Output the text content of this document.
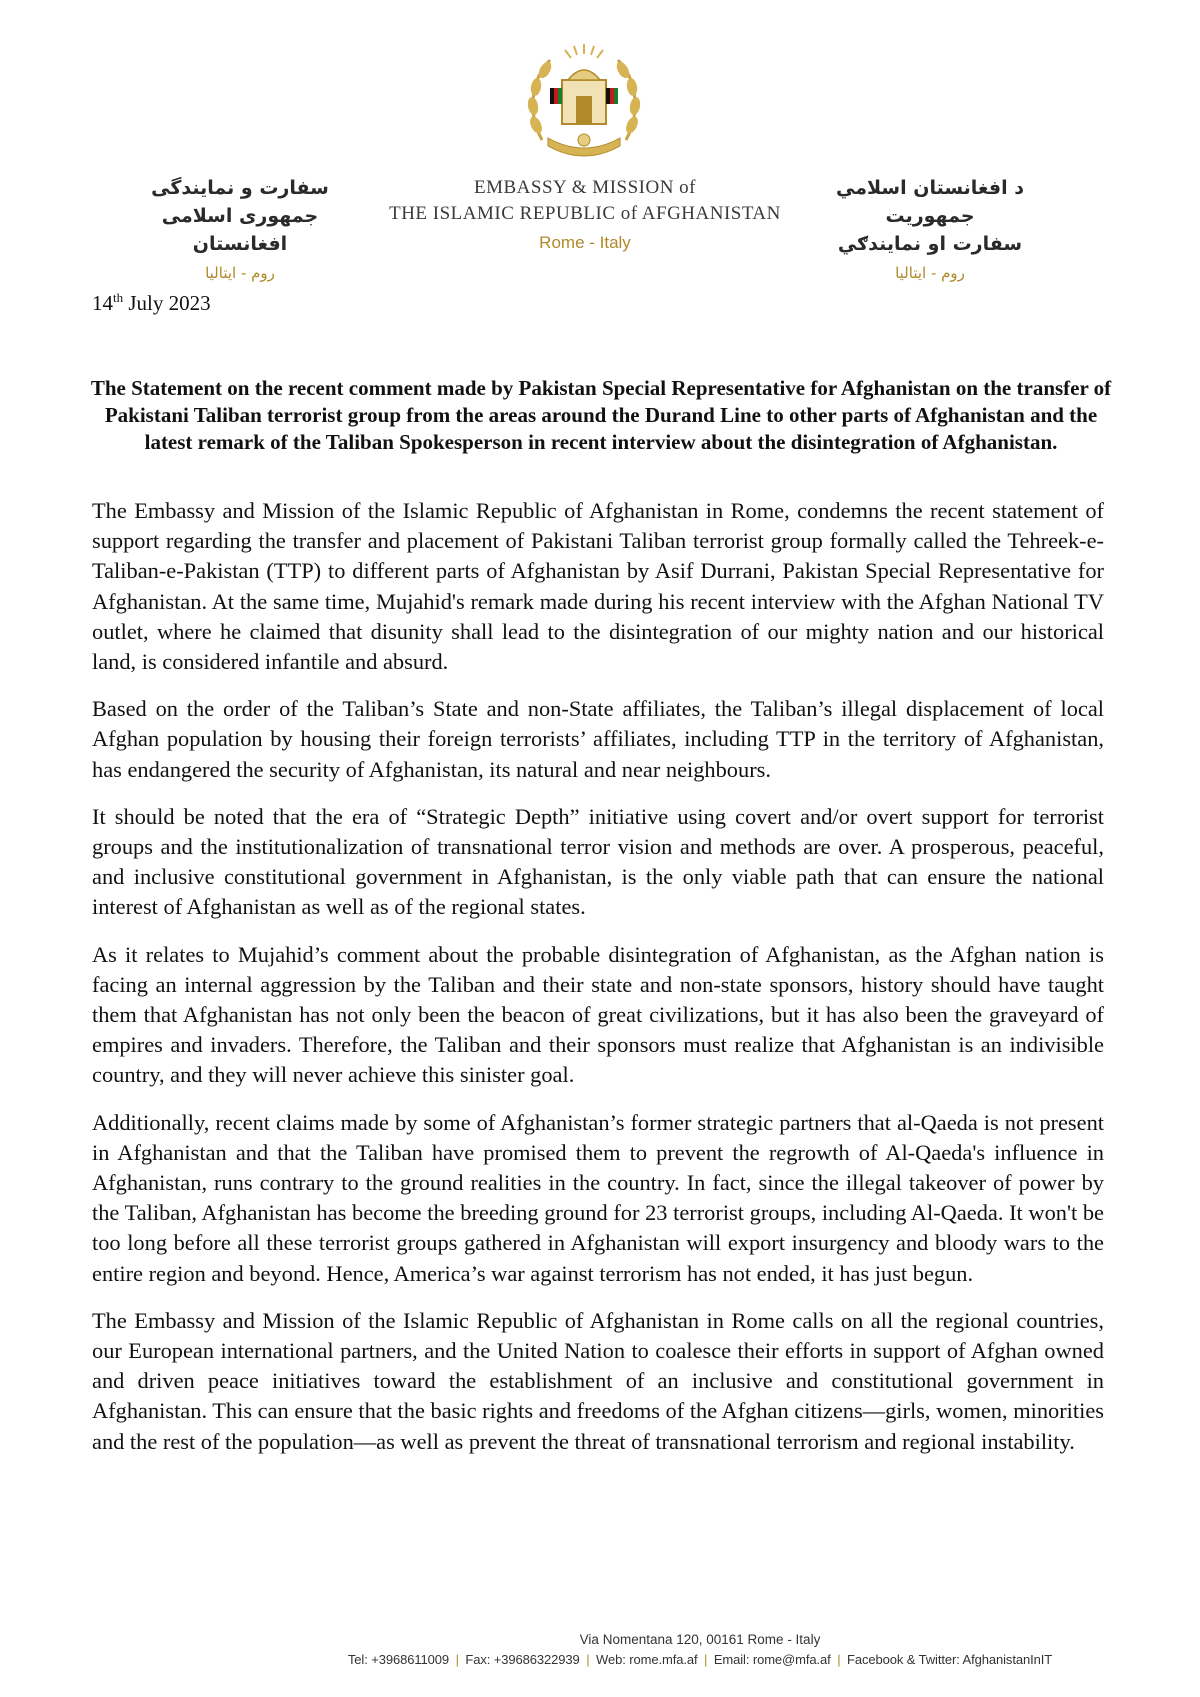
سفارت و نمایندگی
جمهوری اسلامی افغانستان
روم - ایتالیا
EMBASSY & MISSION of
THE ISLAMIC REPUBLIC of AFGHANISTAN
Rome - Italy
د افغانستان اسلامي جمهوریت
سفارت او نمایندګي
روم - ایتالیا
14th July 2023
The Statement on the recent comment made by Pakistan Special Representative for Afghanistan on the transfer of Pakistani Taliban terrorist group from the areas around the Durand Line to other parts of Afghanistan and the latest remark of the Taliban Spokesperson in recent interview about the disintegration of Afghanistan.

The Embassy and Mission of the Islamic Republic of Afghanistan in Rome, condemns the recent statement of support regarding the transfer and placement of Pakistani Taliban terrorist group formally called the Tehreek-e-Taliban-e-Pakistan (TTP) to different parts of Afghanistan by Asif Durrani, Pakistan Special Representative for Afghanistan. At the same time, Mujahid's remark made during his recent interview with the Afghan National TV outlet, where he claimed that disunity shall lead to the disintegration of our mighty nation and our historical land, is considered infantile and absurd.

Based on the order of the Taliban’s State and non-State affiliates, the Taliban’s illegal displacement of local Afghan population by housing their foreign terrorists’ affiliates, including TTP in the territory of Afghanistan, has endangered the security of Afghanistan, its natural and near neighbours.

It should be noted that the era of “Strategic Depth” initiative using covert and/or overt support for terrorist groups and the institutionalization of transnational terror vision and methods are over. A prosperous, peaceful, and inclusive constitutional government in Afghanistan, is the only viable path that can ensure the national interest of Afghanistan as well as of the regional states.

As it relates to Mujahid’s comment about the probable disintegration of Afghanistan, as the Afghan nation is facing an internal aggression by the Taliban and their state and non-state sponsors, history should have taught them that Afghanistan has not only been the beacon of great civilizations, but it has also been the graveyard of empires and invaders. Therefore, the Taliban and their sponsors must realize that Afghanistan is an indivisible country, and they will never achieve this sinister goal.

Additionally, recent claims made by some of Afghanistan’s former strategic partners that al-Qaeda is not present in Afghanistan and that the Taliban have promised them to prevent the regrowth of Al-Qaeda's influence in Afghanistan, runs contrary to the ground realities in the country. In fact, since the illegal takeover of power by the Taliban, Afghanistan has become the breeding ground for 23 terrorist groups, including Al-Qaeda. It won't be too long before all these terrorist groups gathered in Afghanistan will export insurgency and bloody wars to the entire region and beyond. Hence, America’s war against terrorism has not ended, it has just begun.

The Embassy and Mission of the Islamic Republic of Afghanistan in Rome calls on all the regional countries, our European international partners, and the United Nation to coalesce their efforts in support of Afghan owned and driven peace initiatives toward the establishment of an inclusive and constitutional government in Afghanistan. This can ensure that the basic rights and freedoms of the Afghan citizens—girls, women, minorities and the rest of the population—as well as prevent the threat of transnational terrorism and regional instability.

Via Nomentana 120, 00161 Rome - Italy
Tel: +3968611009 | Fax: +39686322939 | Web: rome.mfa.af | Email: rome@mfa.af | Facebook & Twitter: AfghanistanInIT
